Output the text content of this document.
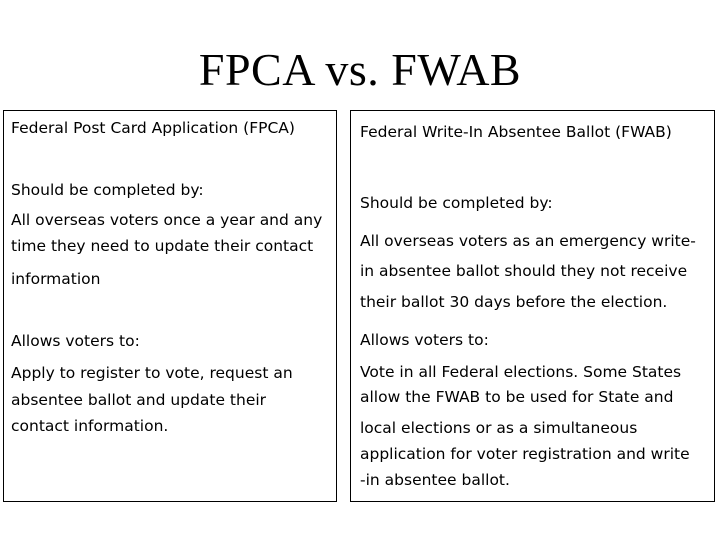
FPCA vs. FWAB

Federal Post Card Application (FPCA)

Should be completed by:

All overseas voters once a year and any

time they need to update their contact

information

Allows voters to:

Apply to register to vote, request an

absentee ballot and update their

contact information.

Federal Write-In Absentee Ballot (FWAB)

Should be completed by:

All overseas voters as an emergency write-

in absentee ballot should they not receive

their ballot 30 days before the election.

Allows voters to:

Vote in all Federal elections. Some States

allow the FWAB to be used for State and

local elections or as a simultaneous

application for voter registration and write

-in absentee ballot.
